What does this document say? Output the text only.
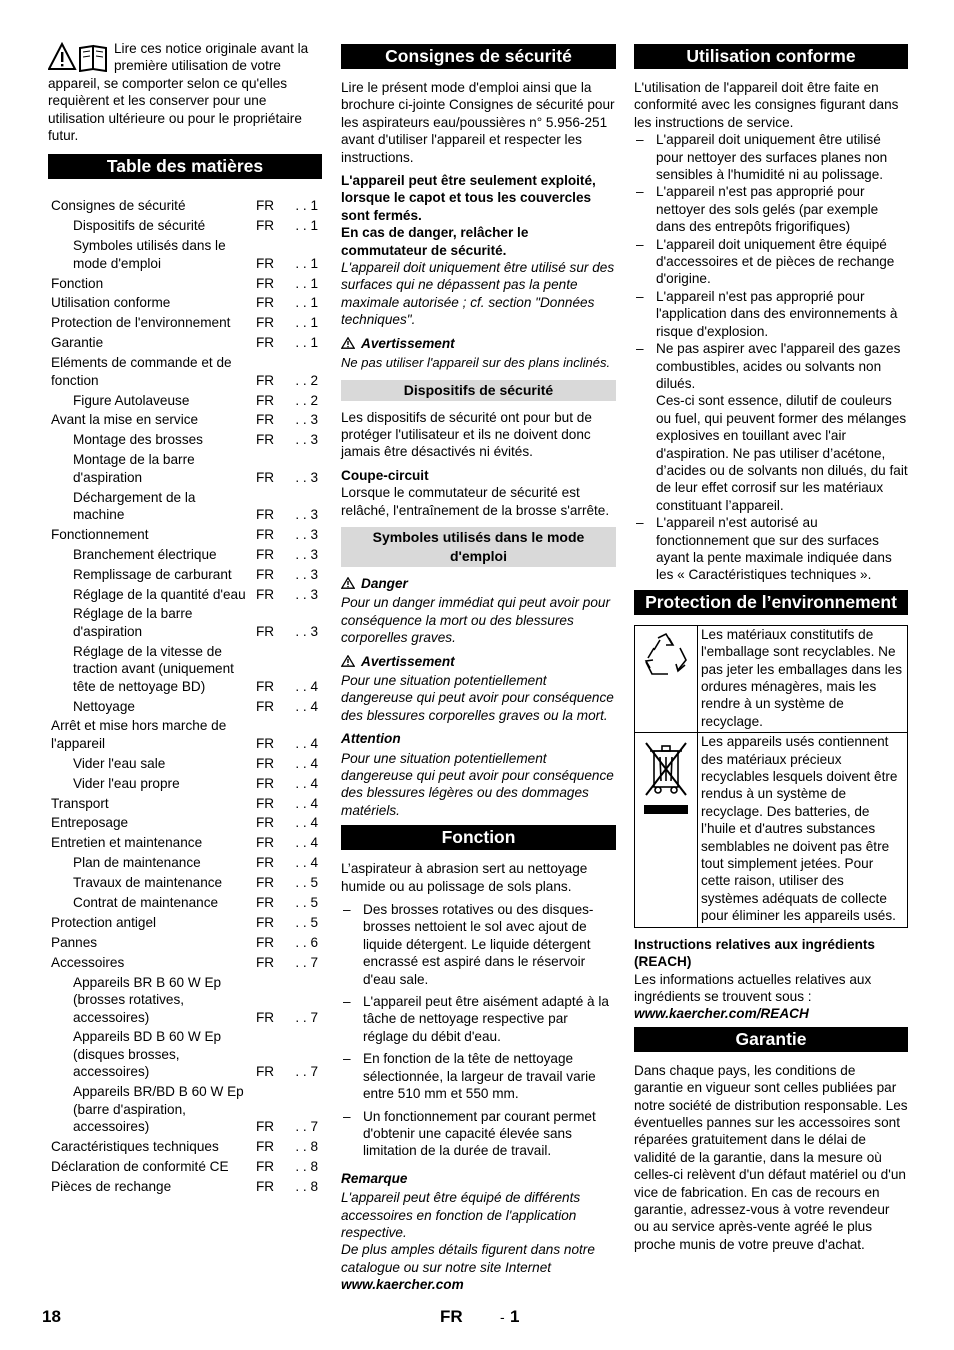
Lire ces notice originale avant la première utilisation de votre appareil, se comporter selon ce qu'elles requièrent et les conserver pour une utilisation ultérieure ou pour le propriétaire futur.
Table des matières
Consignes de sécurité	FR	. . 1
Dispositifs de sécurité	FR	. . 1
Symboles utilisés dans le mode d'emploi	FR	. . 1
Fonction	FR	. . 1
Utilisation conforme	FR	. . 1
Protection de l'environnement	FR	. . 1
Garantie	FR	. . 1
Eléments de commande et de fonction	FR	. . 2
Figure Autolaveuse	FR	. . 2
Avant la mise en service	FR	. . 3
Montage des brosses	FR	. . 3
Montage de la barre d'aspiration	FR	. . 3
Déchargement de la machine	FR	. . 3
Fonctionnement	FR	. . 3
Branchement électrique	FR	. . 3
Remplissage de carburant	FR	. . 3
Réglage de la quantité d'eau FR	. . 3
Réglage de la barre d'aspiration	FR	. . 3
Réglage de la vitesse de traction avant (uniquement tête de nettoyage BD)	FR	. . 4
Nettoyage	FR	. . 4
Arrêt et mise hors marche de l'appareil	FR	. . 4
Vider l'eau sale	FR	. . 4
Vider l'eau propre	FR	. . 4
Transport	FR	. . 4
Entreposage	FR	. . 4
Entretien et maintenance	FR	. . 4
Plan de maintenance	FR	. . 4
Travaux de maintenance	FR	. . 5
Contrat de maintenance	FR	. . 5
Protection antigel	FR	. . 5
Pannes	FR	. . 6
Accessoires	FR	. . 7
Appareils BR B 60 W Ep (brosses rotatives, accessoires)	FR	. . 7
Appareils BD B 60 W Ep (disques brosses, accessoires)	FR	. . 7
Appareils BR/BD B 60 W Ep (barre d'aspiration, accessoires)	FR	. . 7
Caractéristiques techniques	FR	. . 8
Déclaration de conformité CE	FR	. . 8
Pièces de rechange	FR	. . 8
Consignes de sécurité

Lire le présent mode d'emploi ainsi que la brochure ci-jointe Consignes de sécurité pour les aspirateurs eau/poussières n° 5.956-251 avant d'utiliser l'appareil et respecter les instructions.

L'appareil peut être seulement exploité, lorsque le capot et tous les couvercles sont fermés.

En cas de danger, relâcher le commutateur de sécurité.

L'appareil doit uniquement être utilisé sur des surfaces qui ne dépassent pas la pente maximale autorisée ; cf. section "Données techniques".

Avertissement

Ne pas utiliser l'appareil sur des plans inclinés.

Dispositifs de sécurité

Les dispositifs de sécurité ont pour but de protéger l'utilisateur et ils ne doivent donc jamais être désactivés ni évités.

Coupe-circuit

Lorsque le commutateur de sécurité est relâché, l'entraînement de la brosse s'arrête.

Symboles utilisés dans le mode d'emploi
Danger

Pour un danger immédiat qui peut avoir pour conséquence la mort ou des blessures corporelles graves.

Avertissement

Pour une situation potentiellement dangereuse qui peut avoir pour conséquence des blessures corporelles graves ou la mort.

Attention

Pour une situation potentiellement dangereuse qui peut avoir pour conséquence des blessures légères ou des dommages matériels.

Fonction

L’aspirateur à abrasion sert au nettoyage humide ou au polissage de sols plans.

– Des brosses rotatives ou des disques-brosses nettoient le sol avec ajout de liquide détergent. Le liquide détergent encrassé est aspiré dans le réservoir d'eau sale.
– L'appareil peut être aisément adapté à la tâche de nettoyage respective par réglage du débit d'eau.
– En fonction de la tête de nettoyage sélectionnée, la largeur de travail varie entre 510 mm et 550 mm.
– Un fonctionnement par courant permet d'obtenir une capacité élevée sans limitation de la durée de travail.
Remarque

L'appareil peut être équipé de différents accessoires en fonction de l'application respective.

De plus amples détails figurent dans notre catalogue ou sur notre site Internet

www.kaercher.com

Utilisation conforme

L'utilisation de l'appareil doit être faite en conformité avec les consignes figurant dans les instructions de service.

– L'appareil doit uniquement être utilisé pour nettoyer des surfaces planes non sensibles à l'humidité ni au polissage.
– L'appareil n'est pas approprié pour nettoyer des sols gelés (par exemple dans des entrepôts frigorifiques)
– L'appareil doit uniquement être équipé d'accessoires et de pièces de rechange d'origine.
– L'appareil n'est pas approprié pour l'application dans des environnements à risque d'explosion.
– Ne pas aspirer avec l'appareil des gazes combustibles, acides ou solvants non dilués.
Ces-ci sont essence, dilutif de couleurs ou fuel, qui peuvent former des mélanges explosives en touillant avec l'air d'aspiration. Ne pas utiliser d’acétone, d’acides ou de solvants non dilués, du fait de leur effet corrosif sur les matériaux constituant l’appareil.
– L'appareil n'est autorisé au fonctionnement que sur des surfaces ayant la pente maximale indiquée dans les « Caractéristiques techniques ».
Protection de l’environnement
	Les matériaux constitutifs de l'emballage sont recyclables. Ne pas jeter les emballages dans les ordures ménagères, mais les rendre à un système de recyclage.
	Les appareils usés contiennent des matériaux précieux recyclables lesquels doivent être rendus à un système de recyclage. Des batteries, de l’huile et d'autres substances semblables ne doivent pas être tout simplement jetées. Pour cette raison, utiliser des systèmes adéquats de collecte pour éliminer les appareils usés.

Instructions relatives aux ingrédients (REACH)

Les informations actuelles relatives aux ingrédients se trouvent sous :

www.kaercher.com/REACH

Garantie

Dans chaque pays, les conditions de garantie en vigueur sont celles publiées par notre société de distribution responsable. Les éventuelles pannes sur les accessoires sont réparées gratuitement dans le délai de validité de la garantie, dans la mesure où celles-ci relèvent d'un défaut matériel ou d'un vice de fabrication. En cas de recours en garantie, adressez-vous à votre revendeur ou au service après-vente agréé le plus proche munis de votre preuve d'achat.

18	FR	- 1
